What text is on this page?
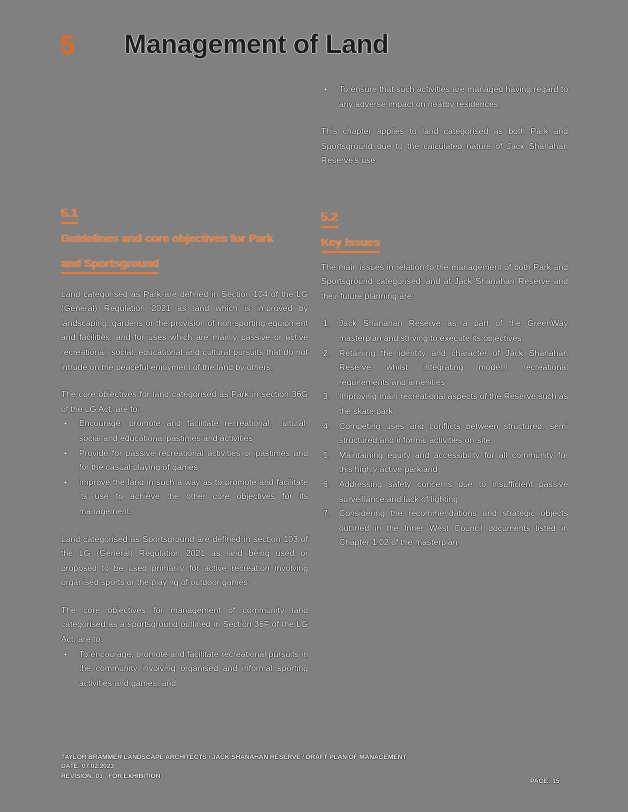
5 Management of Land
• To ensure that such activities are managed having regard to any adverse impact on nearby residences.

This chapter applies to land categorised as both Park and Sportsground due to the calculated nature of Jack Shanahan Reserve's use.

5.1
Guidelines and core objectives for Park
and Sportsground

Land categorised as Park are defined in Section 104 of the LG (General) Regulation 2021 as land which is improved by landscaping, gardens or the provision of non-sporting equipment and facilities, and for uses which are mainly passive or active recreational, social, educational and cultural pursuits that do not intrude on the peaceful enjoyment of the land by others.

The core objectives for land categorised as Park in section 36G of the LG Act, are to:

• Encourage, promote and facilitate recreational, cultural, social and educational pastimes and activities
• Provide for passive recreational activities or pastimes and for the casual playing of games
• Improve the land in such a way as to promote and facilitate its use to achieve the other core objectives for its management.

Land categorised as Sportsground are defined in section 103 of the LG (General) Regulation 2021 as land being used or proposed to be used primarily for active recreation involving organised sports or the playing of outdoor games.

The core objectives for management of community land categorised as a sportsground outlined in Section 36F of the LG Act, are to:

• To encourage, promote and facilitate recreational pursuits in the community involving organised and informal sporting activities and games, and
5.2
Key Issues

The main issues in relation to the management of both Park and Sportsground categorised land at Jack Shanahan Reserve and their future planning are:

1. Jack Shanahan Reserve as a part of the GreenWay masterplan and striving to execute its objectives
2. Retaining the identity and character of Jack Shanahan Reserve whilst integrating modern recreational requirements and amenities
3. Improving main recreational aspects of the Reserve such as the skate park
4. Competing uses and conflicts between structured, semi structured and informal activities on-site
5. Maintaining equity and accessibility for all community for this highly active parkland
6. Addressing safety concerns due to insufficient passive surveillance and lack of lighting
7. Considering the recommendations and strategic objects outlined in the Inner West Council documents listed in Chapter 1.02 of the masterplan
TAYLOR BRAMMER LANDSCAPE ARCHITECTS / JACK SHANAHAN RESERVE / DRAFT PLAN OF MANAGEMENT
DATE: 07.02.2023
REVISION: 03 - FOR EXHIBITION
PAGE: 15
